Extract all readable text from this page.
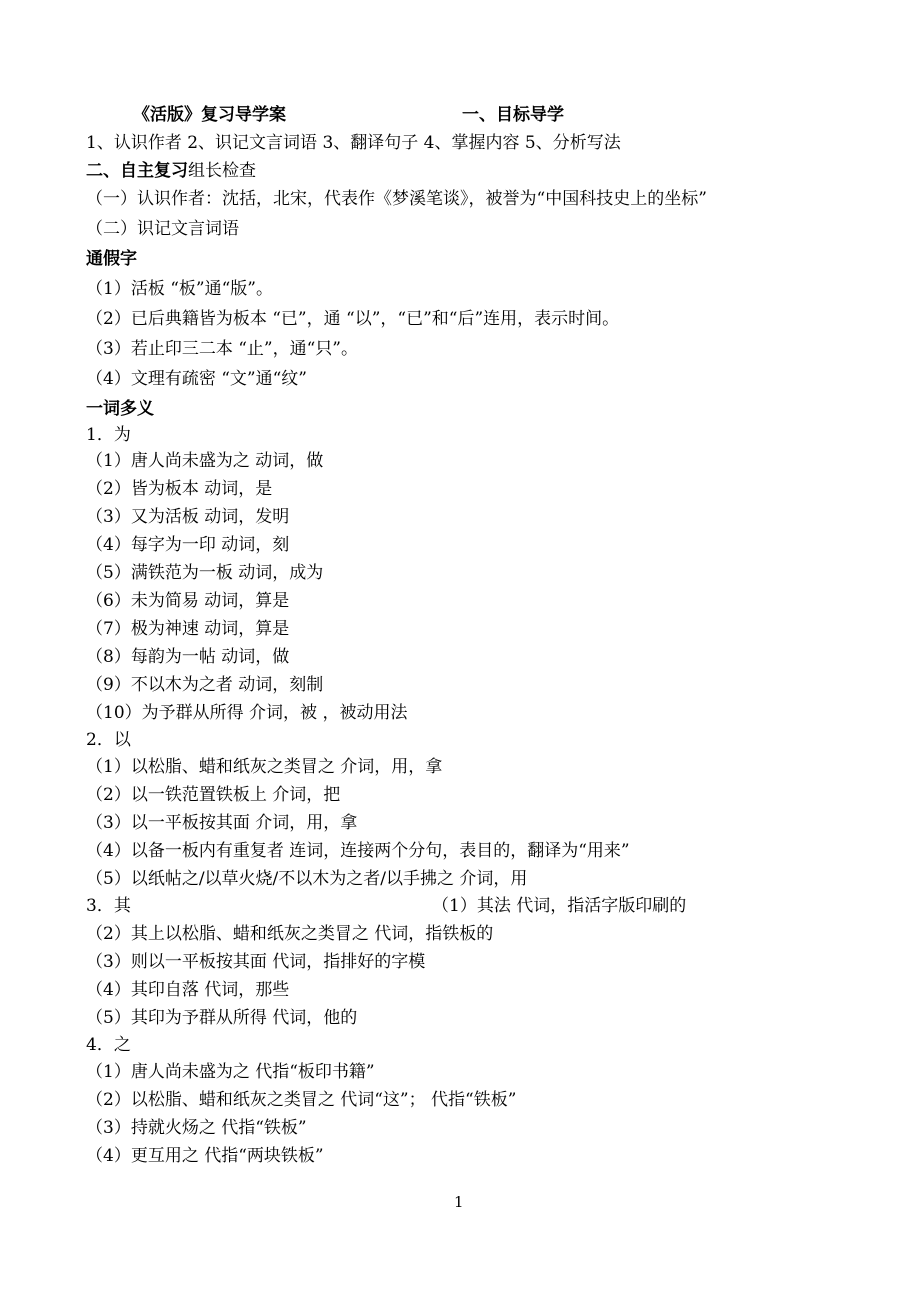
《活版》复习导学案	一、目标导学
1、认识作者 2、识记文言词语 3、翻译句子 4、掌握内容 5、分析写法
二、自主复习组长检查
（一）认识作者：沈括，北宋，代表作《梦溪笔谈》，被誉为“中国科技史上的坐标”
（二）识记文言词语
通假字
（1）活板 “板”通“版”。
（2）已后典籍皆为板本 “已”，通 “以”，“已”和“后”连用，表示时间。
（3）若止印三二本 “止”，通“只”。
（4）文理有疏密 “文”通“纹”
一词多义
1．为
（1）唐人尚未盛为之 动词，做
（2）皆为板本 动词，是
（3）又为活板 动词，发明
（4）每字为一印 动词，刻
（5）满铁范为一板 动词，成为
（6）未为简易 动词，算是
（7）极为神速 动词，算是
（8）每韵为一帖 动词，做
（9）不以木为之者 动词，刻制
（10）为予群从所得 介词，被 ，被动用法
2．以
（1）以松脂、蜡和纸灰之类冒之 介词，用，拿
（2）以一铁范置铁板上 介词，把
（3）以一平板按其面 介词，用，拿
（4）以备一板内有重复者 连词，连接两个分句，表目的，翻译为“用来”
（5）以纸帖之/以草火烧/不以木为之者/以手拂之 介词，用
3．其	（1）其法 代词，指活字版印刷的
（2）其上以松脂、蜡和纸灰之类冒之 代词，指铁板的
（3）则以一平板按其面 代词，指排好的字模
（4）其印自落 代词，那些
（5）其印为予群从所得 代词，他的
4．之
（1）唐人尚未盛为之 代指“板印书籍”
（2）以松脂、蜡和纸灰之类冒之 代词“这”； 代指“铁板”
（3）持就火炀之 代指“铁板”
（4）更互用之 代指“两块铁板”
1
